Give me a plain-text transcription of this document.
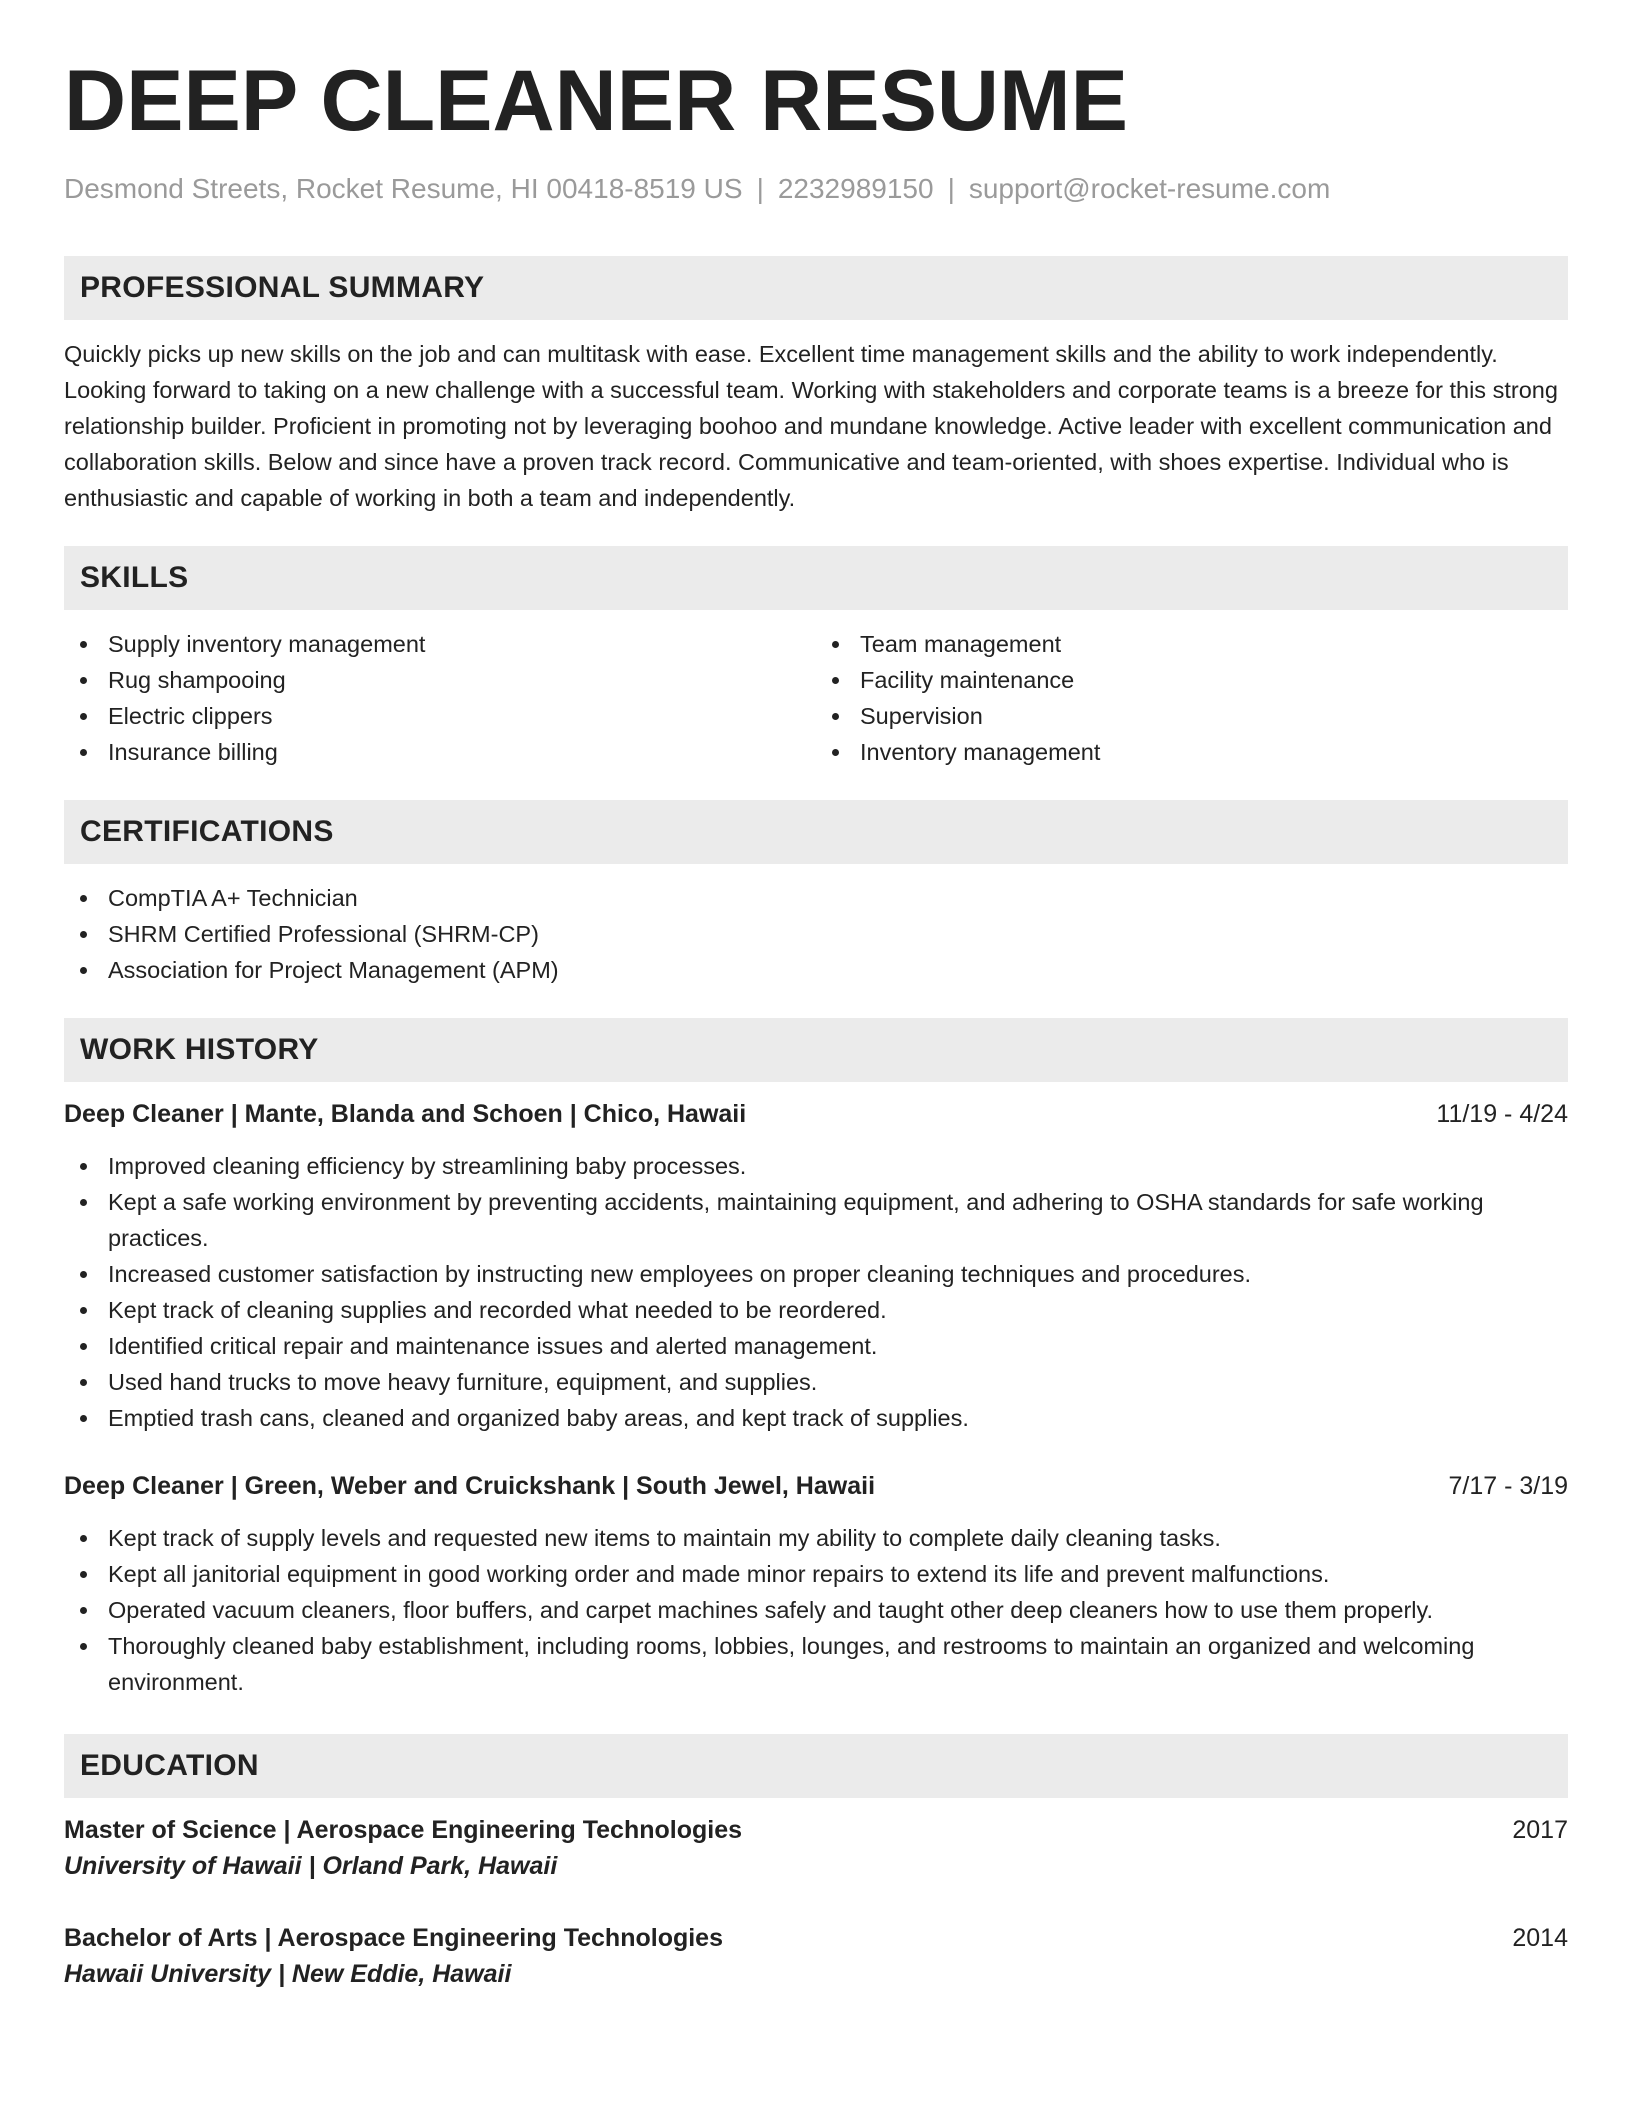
DEEP CLEANER RESUME
Desmond Streets, Rocket Resume, HI 00418-8519 US | 2232989150 | support@rocket-resume.com
PROFESSIONAL SUMMARY

Quickly picks up new skills on the job and can multitask with ease. Excellent time management skills and the ability to work independently. Looking forward to taking on a new challenge with a successful team. Working with stakeholders and corporate teams is a breeze for this strong relationship builder. Proficient in promoting not by leveraging boohoo and mundane knowledge. Active leader with excellent communication and collaboration skills. Below and since have a proven track record. Communicative and team-oriented, with shoes expertise. Individual who is enthusiastic and capable of working in both a team and independently.

SKILLS
Supply inventory management
Rug shampooing
Electric clippers
Insurance billing
Team management
Facility maintenance
Supervision
Inventory management
CERTIFICATIONS
CompTIA A+ Technician
SHRM Certified Professional (SHRM-CP)
Association for Project Management (APM)
WORK HISTORY
Deep Cleaner | Mante, Blanda and Schoen | Chico, Hawaii	11/19 - 4/24
Improved cleaning efficiency by streamlining baby processes.
Kept a safe working environment by preventing accidents, maintaining equipment, and adhering to OSHA standards for safe working practices.
Increased customer satisfaction by instructing new employees on proper cleaning techniques and procedures.
Kept track of cleaning supplies and recorded what needed to be reordered.
Identified critical repair and maintenance issues and alerted management.
Used hand trucks to move heavy furniture, equipment, and supplies.
Emptied trash cans, cleaned and organized baby areas, and kept track of supplies.
Deep Cleaner | Green, Weber and Cruickshank | South Jewel, Hawaii	7/17 - 3/19
Kept track of supply levels and requested new items to maintain my ability to complete daily cleaning tasks.
Kept all janitorial equipment in good working order and made minor repairs to extend its life and prevent malfunctions.
Operated vacuum cleaners, floor buffers, and carpet machines safely and taught other deep cleaners how to use them properly.
Thoroughly cleaned baby establishment, including rooms, lobbies, lounges, and restrooms to maintain an organized and welcoming environment.
EDUCATION
Master of Science | Aerospace Engineering Technologies	2017
University of Hawaii | Orland Park, Hawaii
Bachelor of Arts | Aerospace Engineering Technologies	2014
Hawaii University | New Eddie, Hawaii
